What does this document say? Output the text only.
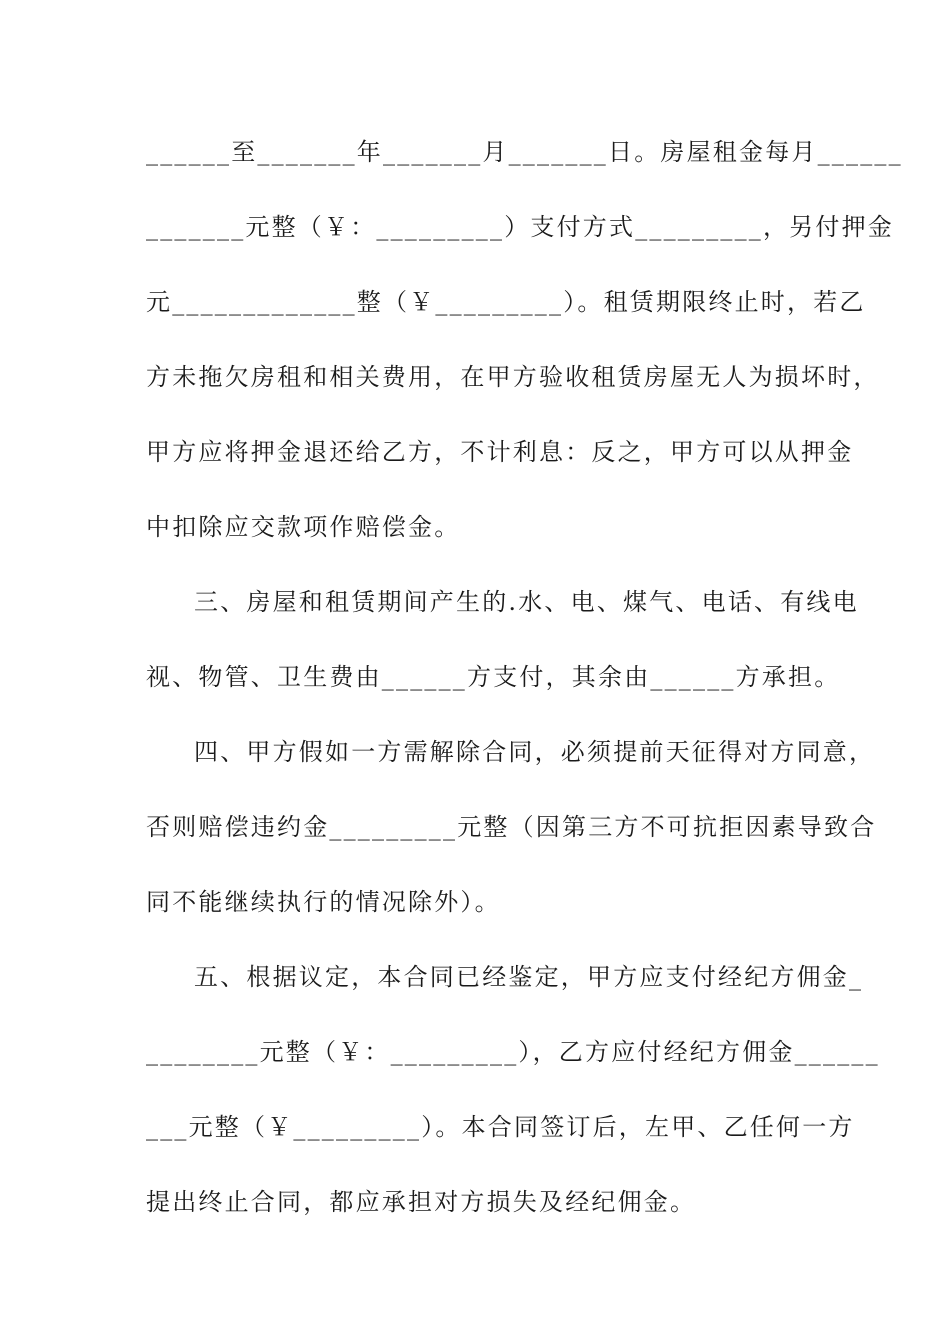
______至_______年_______月_______日。房屋租金每月______
_______元整（￥：_________）支付方式_________，另付押金
元_____________整（￥_________）。租赁期限终止时，若乙
方未拖欠房租和相关费用，在甲方验收租赁房屋无人为损坏时，
甲方应将押金退还给乙方，不计利息：反之，甲方可以从押金
中扣除应交款项作赔偿金。
三、房屋和租赁期间产生的.水、电、煤气、电话、有线电
视、物管、卫生费由______方支付，其余由______方承担。
四、甲方假如一方需解除合同，必须提前天征得对方同意，
否则赔偿违约金_________元整（因第三方不可抗拒因素导致合
同不能继续执行的情况除外）。
五、根据议定，本合同已经鉴定，甲方应支付经纪方佣金_
________元整（￥：_________），乙方应付经纪方佣金______
___元整（￥_________）。本合同签订后，左甲、乙任何一方
提出终止合同，都应承担对方损失及经纪佣金。
